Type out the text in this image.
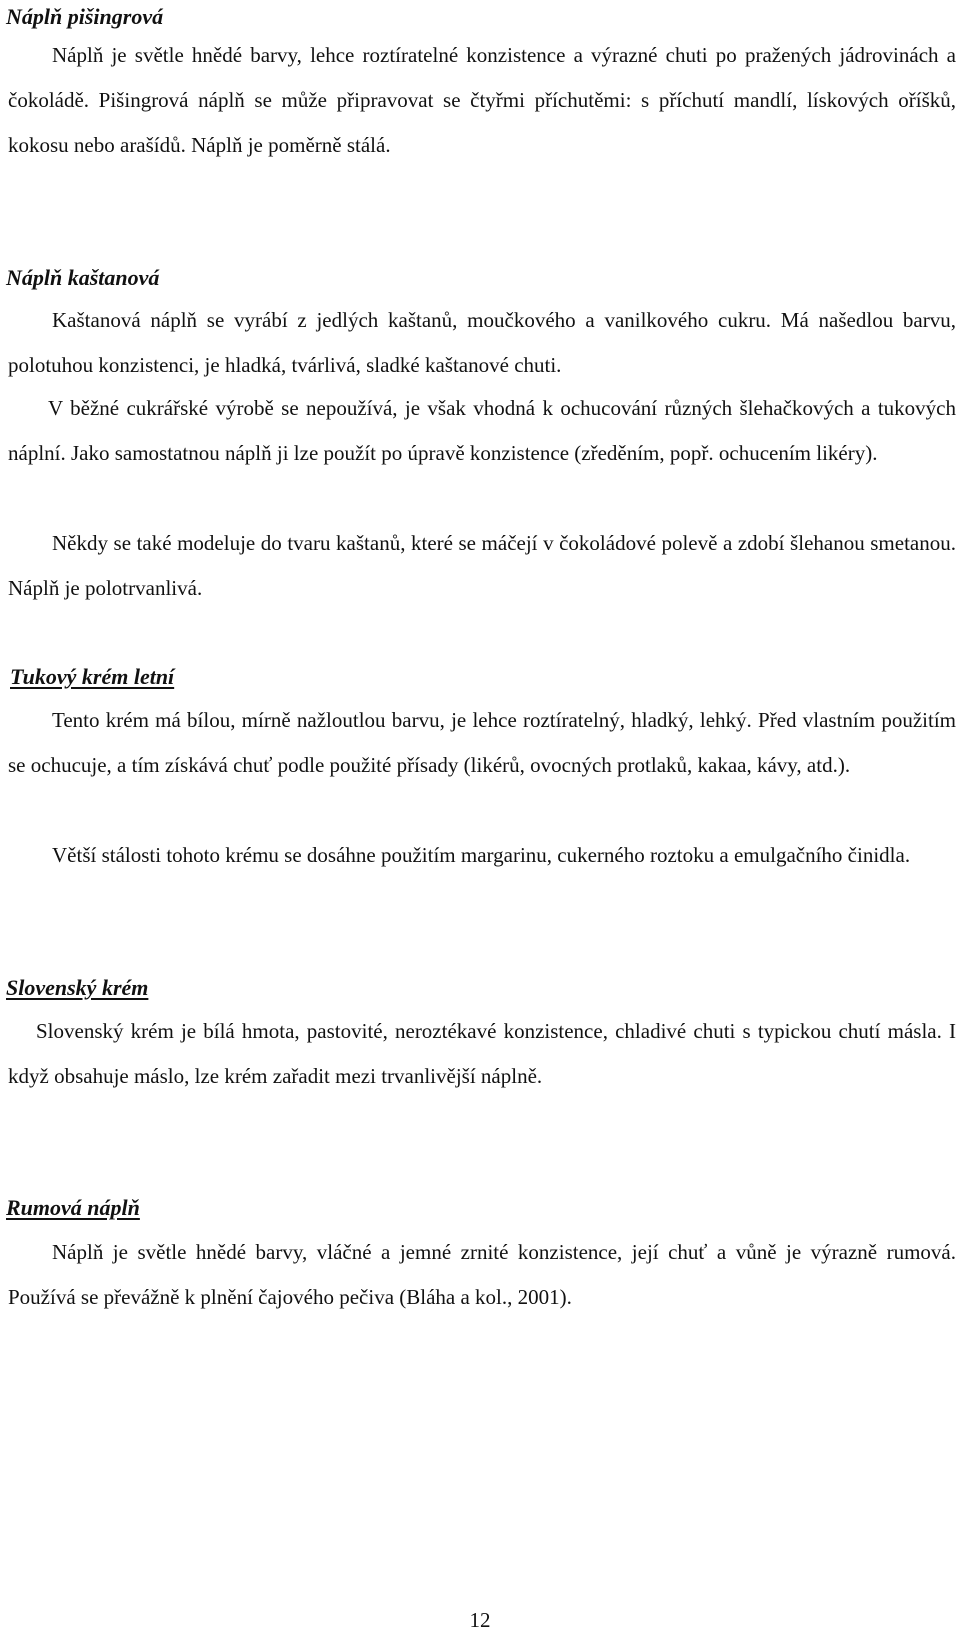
Náplň pišingrová

Náplň je světle hnědé barvy, lehce roztíratelné konzistence a výrazné chuti po pražených jádrovinách a čokoládě. Pišingrová náplň se může připravovat se čtyřmi příchutěmi: s příchutí mandlí, lískových oříšků, kokosu nebo arašídů. Náplň je poměrně stálá.

Náplň kaštanová

Kaštanová náplň se vyrábí z jedlých kaštanů, moučkového a vanilkového cukru. Má našedlou barvu, polotuhou konzistenci, je hladká, tvárlivá, sladké kaštanové chuti.

V běžné cukrářské výrobě se nepoužívá, je však vhodná k ochucování různých šlehačkových a tukových náplní. Jako samostatnou náplň ji lze použít po úpravě konzistence (zředěním, popř. ochucením likéry).

Někdy se také modeluje do tvaru kaštanů, které se máčejí v čokoládové polevě a zdobí šlehanou smetanou. Náplň je polotrvanlivá.

Tukový krém letní

Tento krém má bílou, mírně nažloutlou barvu, je lehce roztíratelný, hladký, lehký. Před vlastním použitím se ochucuje, a tím získává chuť podle použité přísady (likérů, ovocných protlaků, kakaa, kávy, atd.).

Větší stálosti tohoto krému se dosáhne použitím margarinu, cukerného roztoku a emulgačního činidla.

Slovenský krém

Slovenský krém je bílá hmota, pastovité, neroztékavé konzistence, chladivé chuti s typickou chutí másla. I když obsahuje máslo, lze krém zařadit mezi trvanlivější náplně.

Rumová náplň

Náplň je světle hnědé barvy, vláčné a jemné zrnité konzistence, její chuť a vůně je výrazně rumová. Používá se převážně k plnění čajového pečiva (Bláha a kol., 2001).

12
